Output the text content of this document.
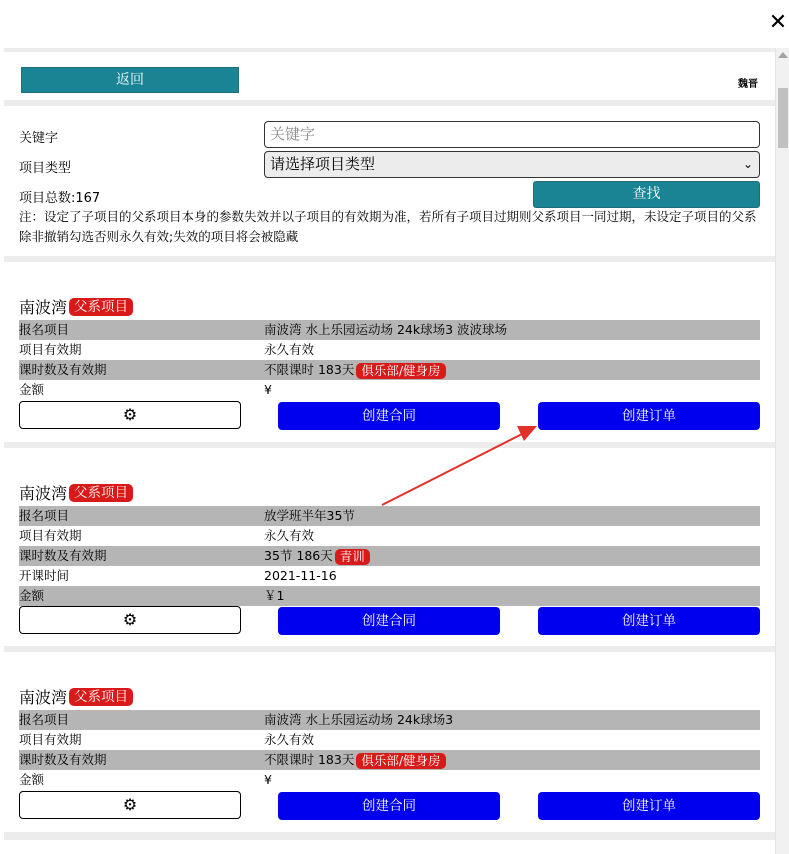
✕
返回	魏晋
关键字	关键字
项目类型	请选择项目类型	⌄
项目总数:167	查找
注：设定了子项目的父系项目本身的参数失效并以子项目的有效期为准，若所有子项目过期则父系项目一同过期，未设定子项目的父系除非撤销勾选否则永久有效;失效的项目将会被隐藏
南波湾 父系项目
报名项目	南波湾 水上乐园运动场 24k球场3 波波球场
项目有效期	永久有效
课时数及有效期	不限课时 183天 俱乐部/健身房
金额	¥
⚙	创建合同	创建订单
南波湾 父系项目
报名项目	放学班半年35节
项目有效期	永久有效
课时数及有效期	35节 186天 青训
开课时间	2021-11-16
金额	￥1
⚙	创建合同	创建订单
南波湾 父系项目
报名项目	南波湾 水上乐园运动场 24k球场3
项目有效期	永久有效
课时数及有效期	不限课时 183天 俱乐部/健身房
金额	¥
⚙	创建合同	创建订单
